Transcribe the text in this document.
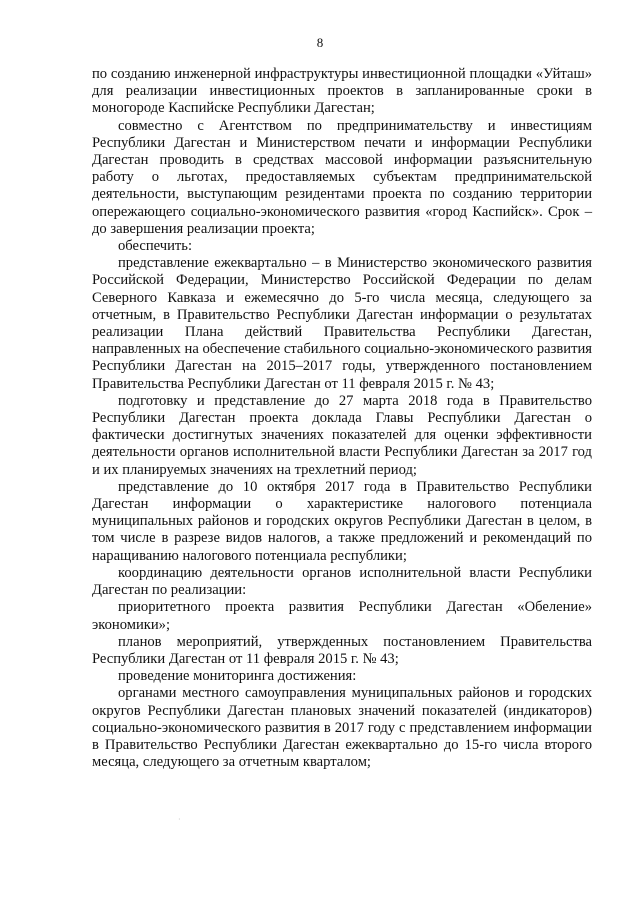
8

по созданию инженерной инфраструктуры инвестиционной площадки «Уйташ» для реализации инвестиционных проектов в запланированные сроки в моногороде Каспийске Республики Дагестан;

совместно с Агентством по предпринимательству и инвестициям Республики Дагестан и Министерством печати и информации Республики Дагестан проводить в средствах массовой информации разъяснительную работу о льготах, предоставляемых субъектам предпринимательской деятельности, выступающим резидентами проекта по созданию территории опережающего социально-экономического развития «город Каспийск». Срок – до завершения реализации проекта;

обеспечить:

представление ежеквартально – в Министерство экономического развития Российской Федерации, Министерство Российской Федерации по делам Северного Кавказа и ежемесячно до 5-го числа месяца, следующего за отчетным, в Правительство Республики Дагестан информации о результатах реализации Плана действий Правительства Республики Дагестан, направленных на обеспечение стабильного социально-экономического развития Республики Дагестан на 2015–2017 годы, утвержденного постановлением Правительства Республики Дагестан от 11 февраля 2015 г. № 43;

подготовку и представление до 27 марта 2018 года в Правительство Республики Дагестан проекта доклада Главы Республики Дагестан о фактически достигнутых значениях показателей для оценки эффективности деятельности органов исполнительной власти Республики Дагестан за 2017 год и их планируемых значениях на трехлетний период;

представление до 10 октября 2017 года в Правительство Республики Дагестан информации о характеристике налогового потенциала муниципальных районов и городских округов Республики Дагестан в целом, в том числе в разрезе видов налогов, а также предложений и рекомендаций по наращиванию налогового потенциала республики;

координацию деятельности органов исполнительной власти Республики Дагестан по реализации:

приоритетного проекта развития Республики Дагестан «Обеление» экономики»;

планов мероприятий, утвержденных постановлением Правительства Республики Дагестан от 11 февраля 2015 г. № 43;

проведение мониторинга достижения:

органами местного самоуправления муниципальных районов и городских округов Республики Дагестан плановых значений показателей (индикаторов) социально-экономического развития в 2017 году с представлением информации в Правительство Республики Дагестан ежеквартально до 15-го числа второго месяца, следующего за отчетным кварталом;

·
